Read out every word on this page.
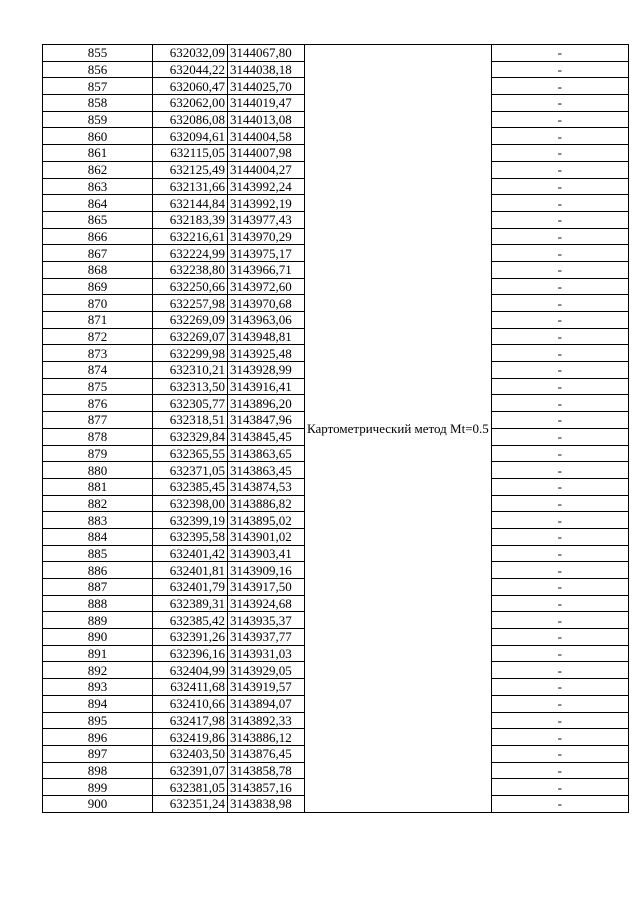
855	632032,09	3144067,80	Картометрический метод Mt=0.5	-
856	632044,22	3144038,18		-
857	632060,47	3144025,70		-
858	632062,00	3144019,47		-
859	632086,08	3144013,08		-
860	632094,61	3144004,58		-
861	632115,05	3144007,98		-
862	632125,49	3144004,27		-
863	632131,66	3143992,24		-
864	632144,84	3143992,19		-
865	632183,39	3143977,43		-
866	632216,61	3143970,29		-
867	632224,99	3143975,17		-
868	632238,80	3143966,71		-
869	632250,66	3143972,60		-
870	632257,98	3143970,68		-
871	632269,09	3143963,06		-
872	632269,07	3143948,81		-
873	632299,98	3143925,48		-
874	632310,21	3143928,99		-
875	632313,50	3143916,41		-
876	632305,77	3143896,20		-
877	632318,51	3143847,96		-
878	632329,84	3143845,45		-
879	632365,55	3143863,65		-
880	632371,05	3143863,45		-
881	632385,45	3143874,53		-
882	632398,00	3143886,82		-
883	632399,19	3143895,02		-
884	632395,58	3143901,02		-
885	632401,42	3143903,41		-
886	632401,81	3143909,16		-
887	632401,79	3143917,50		-
888	632389,31	3143924,68		-
889	632385,42	3143935,37		-
890	632391,26	3143937,77		-
891	632396,16	3143931,03		-
892	632404,99	3143929,05		-
893	632411,68	3143919,57		-
894	632410,66	3143894,07		-
895	632417,98	3143892,33		-
896	632419,86	3143886,12		-
897	632403,50	3143876,45		-
898	632391,07	3143858,78		-
899	632381,05	3143857,16		-
900	632351,24	3143838,98		-
